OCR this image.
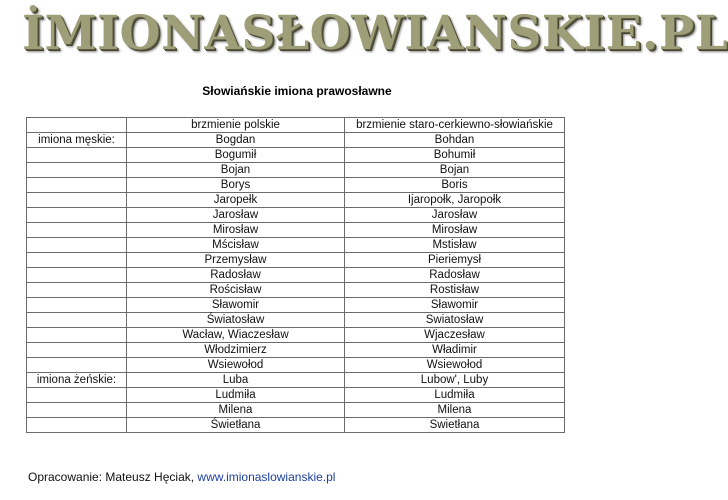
İMIONASŁOWIANSKIE.PL
Słowiańskie imiona prawosławne
	brzmienie polskie	brzmienie staro-cerkiewno-słowiańskie
imiona męskie:	Bogdan	Bohdan
	Bogumił	Bohumił
	Bojan	Bojan
	Borys	Boris
	Jaropełk	Ijaropołk, Jaropołk
	Jarosław	Jarosław
	Mirosław	Mirosław
	Mścisław	Mstisław
	Przemysław	Pieriemysł
	Radosław	Radosław
	Rościsław	Rostisław
	Sławomir	Sławomir
	Światosław	Swiatosław
	Wacław, Wiaczesław	Wjaczesław
	Włodzimierz	Władimir
	Wsiewołod	Wsiewołod
imiona żeńskie:	Luba	Lubow', Luby
	Ludmiła	Ludmiła
	Milena	Milena
	Świetłana	Swietłana
Opracowanie: Mateusz Hęciak, www.imionaslowianskie.pl
